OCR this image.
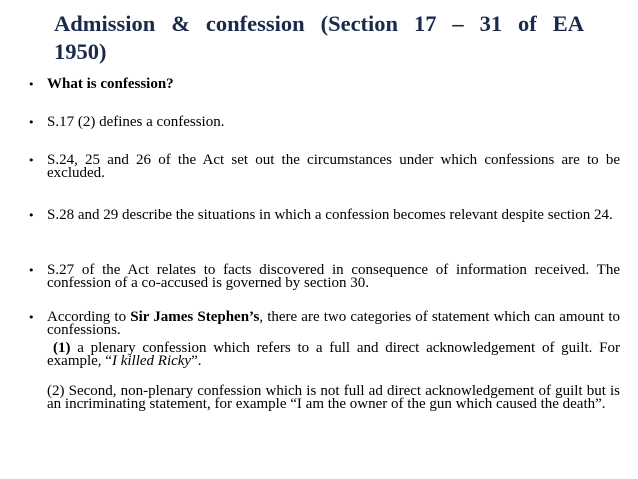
Admission & confession (Section 17 – 31 of EA 1950)
• What is confession?
• S.17 (2) defines a confession.
• S.24, 25 and 26 of the Act set out the circumstances under which confessions are to be excluded.
• S.28 and 29 describe the situations in which a confession becomes relevant despite section 24.
• S.27 of the Act relates to facts discovered in consequence of information received. The confession of a co-accused is governed by section 30.
• According to Sir James Stephen’s, there are two categories of statement which can amount to confessions.
(1) a plenary confession which refers to a full and direct acknowledgement of guilt. For example, “I killed Ricky”.
(2) Second, non-plenary confession which is not full ad direct acknowledgement of guilt but is an incriminating statement, for example “I am the owner of the gun which caused the death”.
